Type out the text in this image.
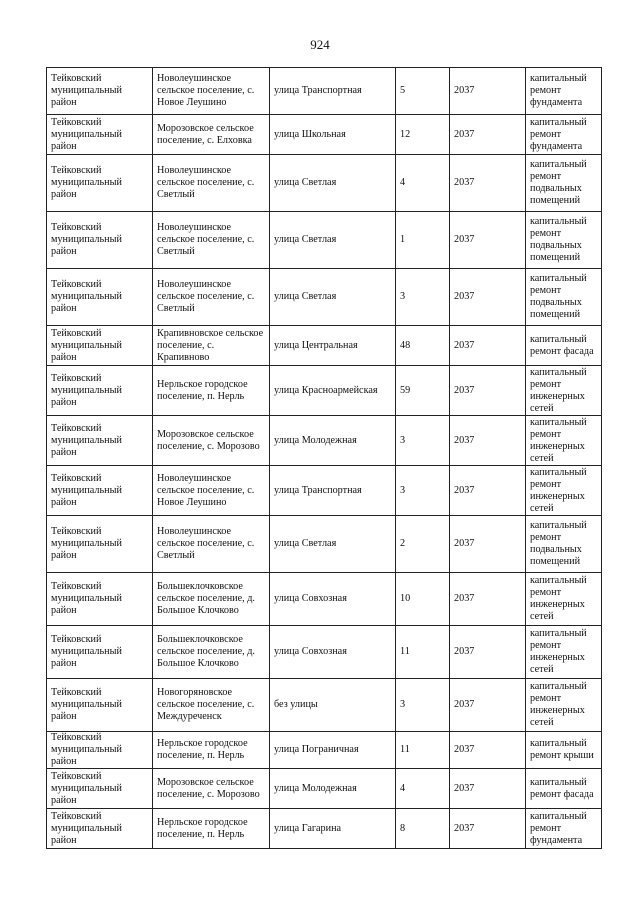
924
Тейковский муниципальный район	Новолеушинское сельское поселение, с. Новое Леушино	улица Транспортная	5	2037	капитальный ремонт фундамента
Тейковский муниципальный район	Морозовское сельское поселение, с. Елховка	улица Школьная	12	2037	капитальный ремонт фундамента
Тейковский муниципальный район	Новолеушинское сельское поселение, с. Светлый	улица Светлая	4	2037	капитальный ремонт подвальных помещений
Тейковский муниципальный район	Новолеушинское сельское поселение, с. Светлый	улица Светлая	1	2037	капитальный ремонт подвальных помещений
Тейковский муниципальный район	Новолеушинское сельское поселение, с. Светлый	улица Светлая	3	2037	капитальный ремонт подвальных помещений
Тейковский муниципальный район	Крапивновское сельское поселение, с. Крапивново	улица Центральная	48	2037	капитальный ремонт фасада
Тейковский муниципальный район	Нерльское городское поселение, п. Нерль	улица Красноармейская	59	2037	капитальный ремонт инженерных сетей
Тейковский муниципальный район	Морозовское сельское поселение, с. Морозово	улица Молодежная	3	2037	капитальный ремонт инженерных сетей
Тейковский муниципальный район	Новолеушинское сельское поселение, с. Новое Леушино	улица Транспортная	3	2037	капитальный ремонт инженерных сетей
Тейковский муниципальный район	Новолеушинское сельское поселение, с. Светлый	улица Светлая	2	2037	капитальный ремонт подвальных помещений
Тейковский муниципальный район	Большеклочковское сельское поселение, д. Большое Клочково	улица Совхозная	10	2037	капитальный ремонт инженерных сетей
Тейковский муниципальный район	Большеклочковское сельское поселение, д. Большое Клочково	улица Совхозная	11	2037	капитальный ремонт инженерных сетей
Тейковский муниципальный район	Новогоряновское сельское поселение, с. Междуреченск	без улицы	3	2037	капитальный ремонт инженерных сетей
Тейковский муниципальный район	Нерльское городское поселение, п. Нерль	улица Пограничная	11	2037	капитальный ремонт крыши
Тейковский муниципальный район	Морозовское сельское поселение, с. Морозово	улица Молодежная	4	2037	капитальный ремонт фасада
Тейковский муниципальный район	Нерльское городское поселение, п. Нерль	улица Гагарина	8	2037	капитальный ремонт фундамента
